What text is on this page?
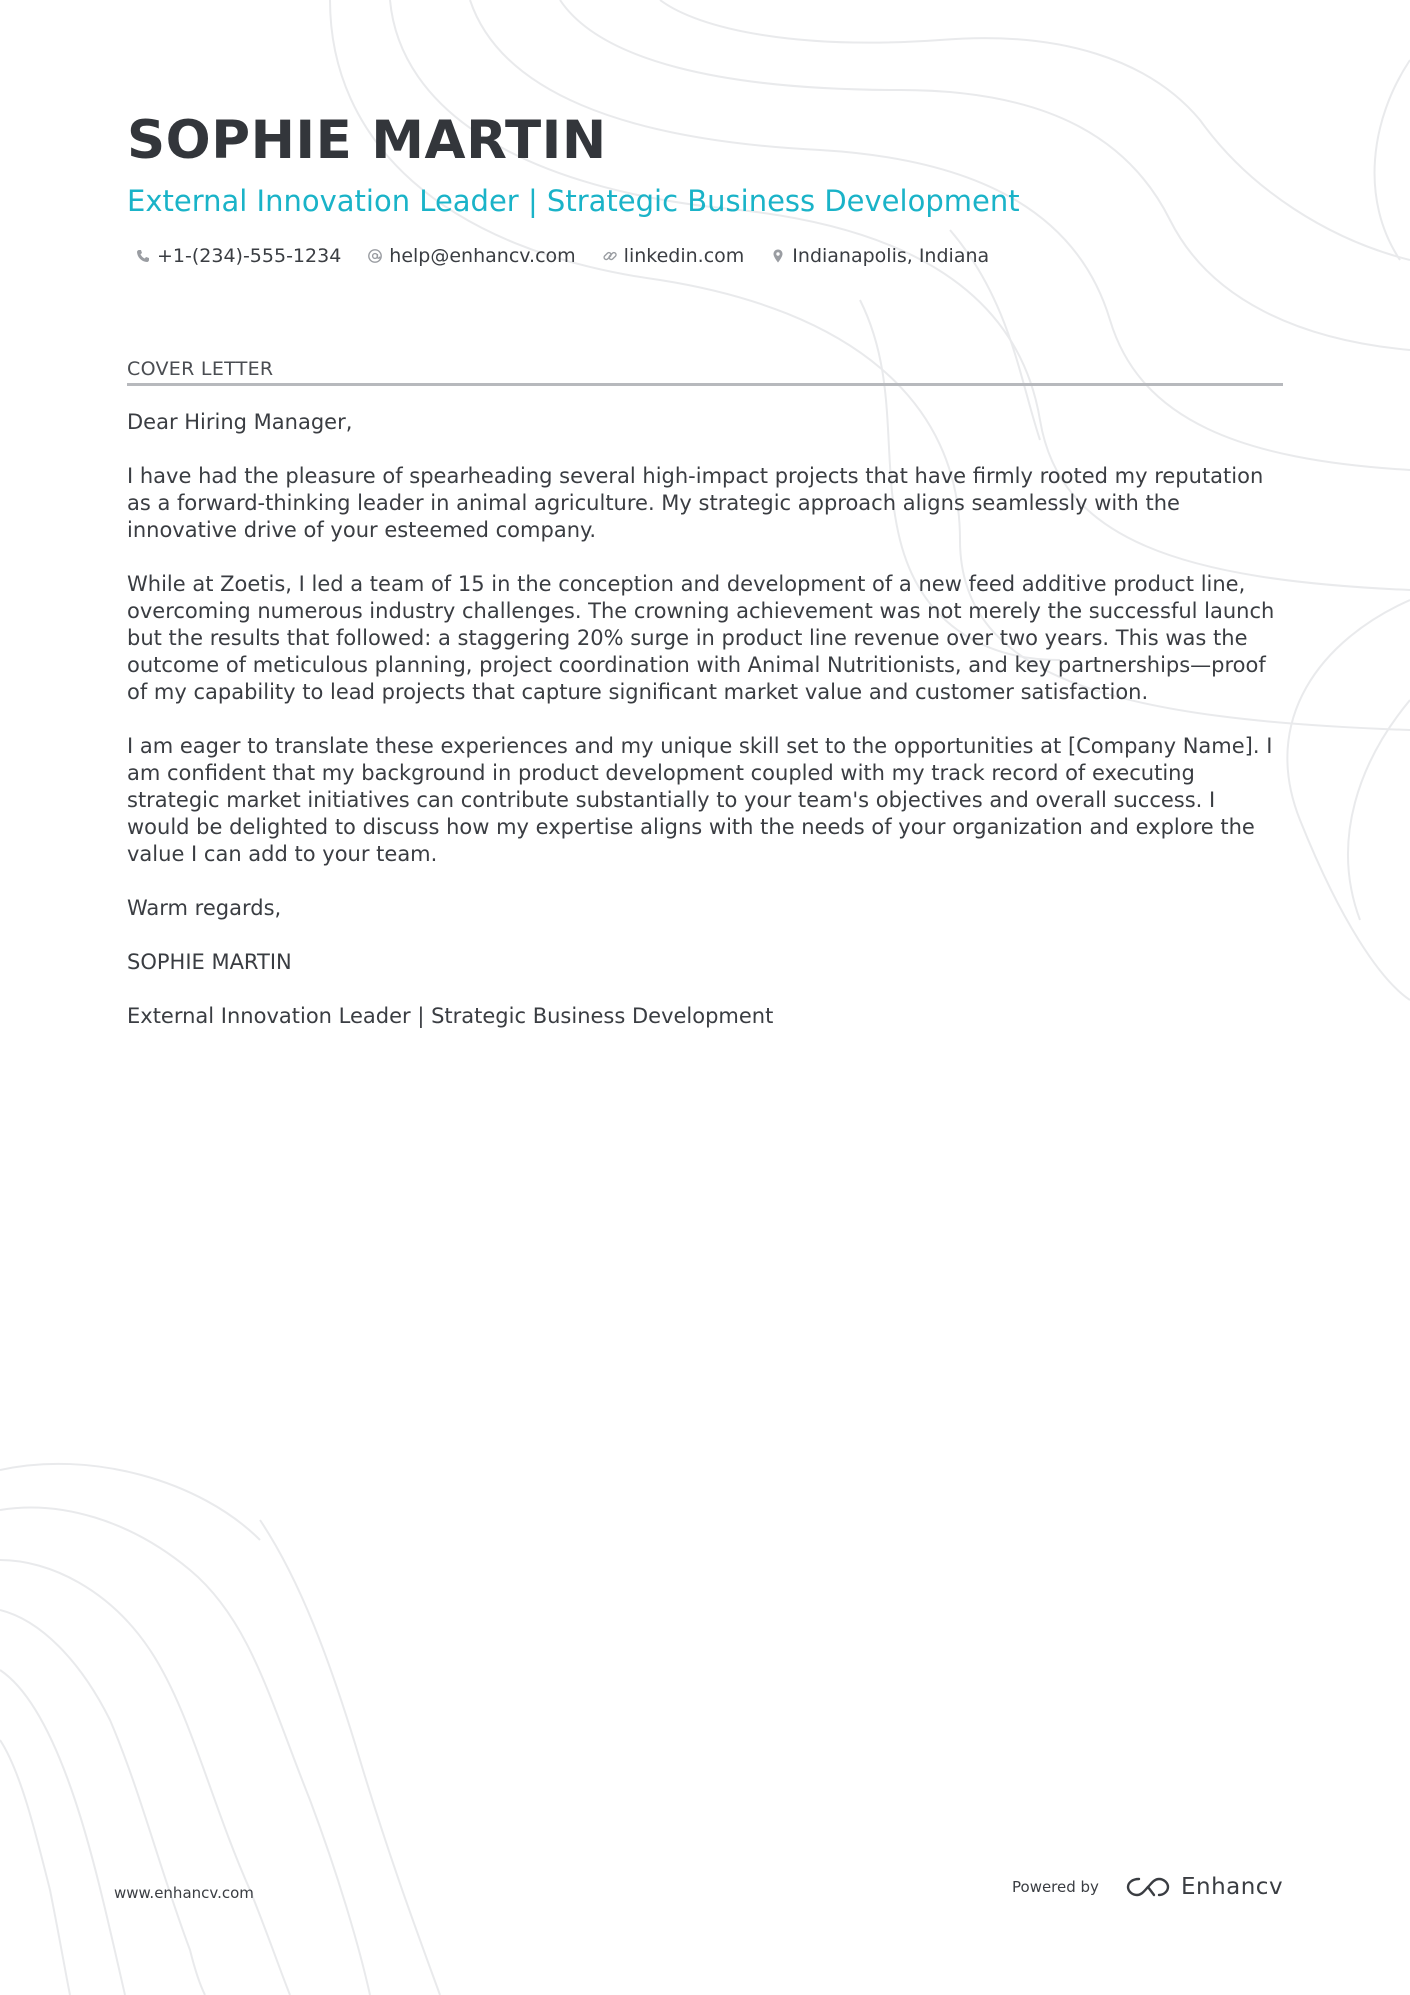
SOPHIE MARTIN
External Innovation Leader | Strategic Business Development
+1-(234)-555-1234	help@enhancv.com	linkedin.com	Indianapolis, Indiana
COVER LETTER

Dear Hiring Manager,

I have had the pleasure of spearheading several high-impact projects that have firmly rooted my reputation as a forward-thinking leader in animal agriculture. My strategic approach aligns seamlessly with the innovative drive of your esteemed company.

While at Zoetis, I led a team of 15 in the conception and development of a new feed additive product line, overcoming numerous industry challenges. The crowning achievement was not merely the successful launch but the results that followed: a staggering 20% surge in product line revenue over two years. This was the outcome of meticulous planning, project coordination with Animal Nutritionists, and key partnerships—proof of my capability to lead projects that capture significant market value and customer satisfaction.

I am eager to translate these experiences and my unique skill set to the opportunities at [Company Name]. I am confident that my background in product development coupled with my track record of executing strategic market initiatives can contribute substantially to your team's objectives and overall success. I would be delighted to discuss how my expertise aligns with the needs of your organization and explore the value I can add to your team.

Warm regards,

SOPHIE MARTIN

External Innovation Leader | Strategic Business Development

www.enhancv.com	Powered by	Enhancv
